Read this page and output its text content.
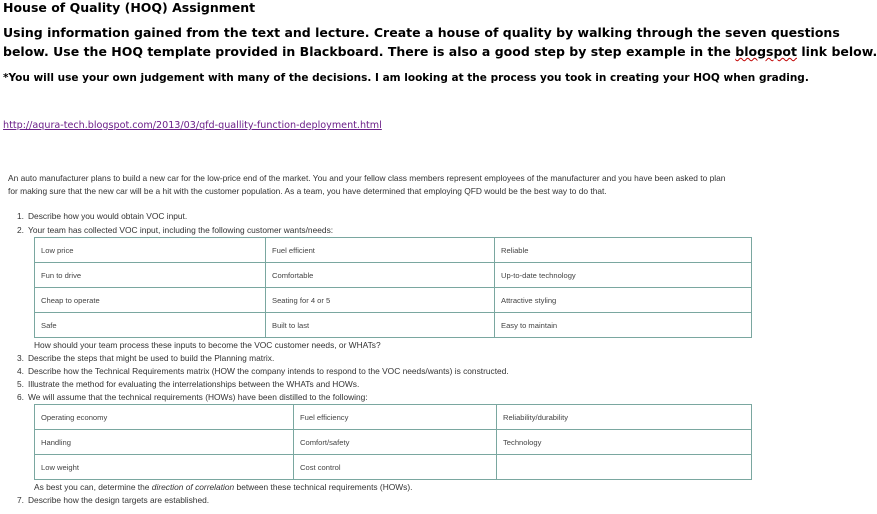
House of Quality (HOQ) Assignment
Using information gained from the text and lecture. Create a house of quality by walking through the seven questions
below. Use the HOQ template provided in Blackboard. There is also a good step by step example in the blogspot link below.
*You will use your own judgement with many of the decisions. I am looking at the process you took in creating your HOQ when grading.
http://aqura-tech.blogspot.com/2013/03/qfd-quallity-function-deployment.html
An auto manufacturer plans to build a new car for the low-price end of the market. You and your fellow class members represent employees of the manufacturer and you have been asked to plan
for making sure that the new car will be a hit with the customer population. As a team, you have determined that employing QFD would be the best way to do that.
1. Describe how you would obtain VOC input.
2. Your team has collected VOC input, including the following customer wants/needs:
Low price	Fuel efficient	Reliable
Fun to drive	Comfortable	Up-to-date technology
Cheap to operate	Seating for 4 or 5	Attractive styling
Safe	Built to last	Easy to maintain
How should your team process these inputs to become the VOC customer needs, or WHATs?
3. Describe the steps that might be used to build the Planning matrix.
4. Describe how the Technical Requirements matrix (HOW the company intends to respond to the VOC needs/wants) is constructed.
5. Illustrate the method for evaluating the interrelationships between the WHATs and HOWs.
6. We will assume that the technical requirements (HOWs) have been distilled to the following:
Operating economy	Fuel efficiency	Reliability/durability
Handling	Comfort/safety	Technology
Low weight	Cost control	
As best you can, determine the direction of correlation between these technical requirements (HOWs).
7. Describe how the design targets are established.
